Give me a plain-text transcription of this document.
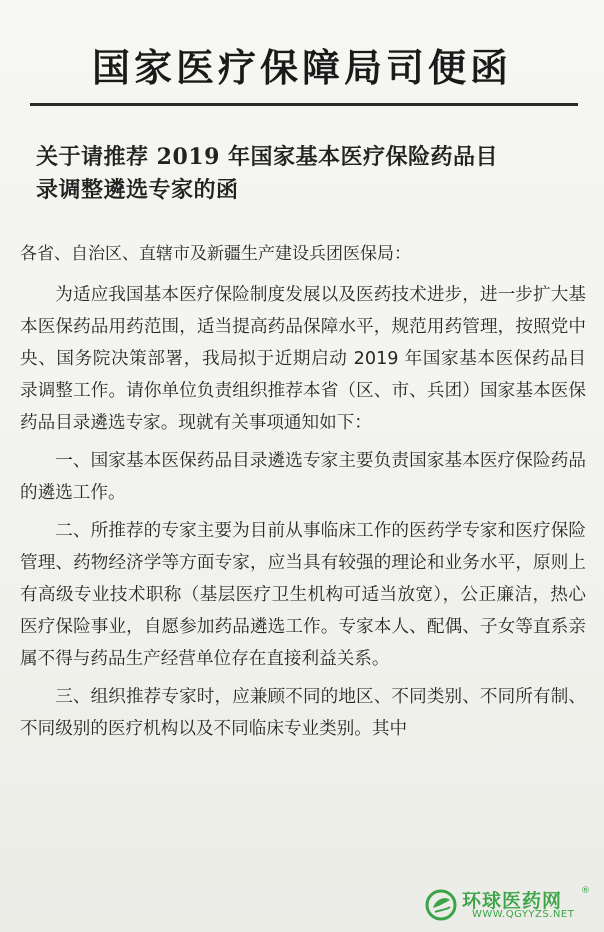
国家医疗保障局司便函
关于请推荐 2019 年国家基本医疗保险药品目
录调整遴选专家的函

各省、自治区、直辖市及新疆生产建设兵团医保局：

为适应我国基本医疗保险制度发展以及医药技术进步，进一步扩大基本医保药品用药范围，适当提高药品保障水平，规范用药管理，按照党中央、国务院决策部署，我局拟于近期启动 2019 年国家基本医保药品目录调整工作。请你单位负责组织推荐本省（区、市、兵团）国家基本医保药品目录遴选专家。现就有关事项通知如下：

一、国家基本医保药品目录遴选专家主要负责国家基本医疗保险药品的遴选工作。

二、所推荐的专家主要为目前从事临床工作的医药学专家和医疗保险管理、药物经济学等方面专家，应当具有较强的理论和业务水平，原则上有高级专业技术职称（基层医疗卫生机构可适当放宽），公正廉洁，热心医疗保险事业，自愿参加药品遴选工作。专家本人、配偶、子女等直系亲属不得与药品生产经营单位存在直接利益关系。

三、组织推荐专家时，应兼顾不同的地区、不同类别、不同所有制、不同级别的医疗机构以及不同临床专业类别。其中

环球医药网 ®
WWW.QGYYZS.NET
